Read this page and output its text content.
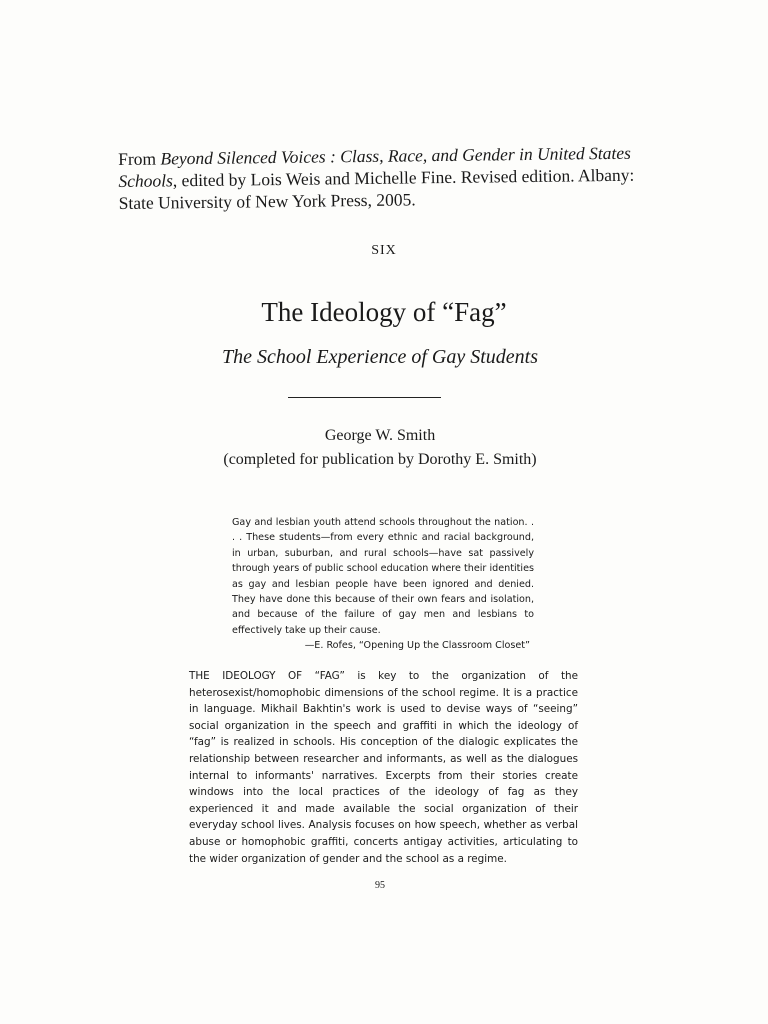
From Beyond Silenced Voices : Class, Race, and Gender in United States Schools, edited by Lois Weis and Michelle Fine. Revised edition. Albany: State University of New York Press, 2005.
SIX
The Ideology of “Fag”
The School Experience of Gay Students
George W. Smith
(completed for publication by Dorothy E. Smith)

Gay and lesbian youth attend schools throughout the nation. . . . These students—from every ethnic and racial background, in urban, suburban, and rural schools—have sat passively through years of public school education where their identities as gay and lesbian people have been ignored and denied. They have done this because of their own fears and isolation, and because of the failure of gay men and lesbians to effectively take up their cause.

—E. Rofes, “Opening Up the Classroom Closet”

THE IDEOLOGY OF “FAG” is key to the organization of the heterosexist/homophobic dimensions of the school regime. It is a practice in language. Mikhail Bakhtin's work is used to devise ways of “seeing” social organization in the speech and graffiti in which the ideology of “fag” is realized in schools. His conception of the dialogic explicates the relationship between researcher and informants, as well as the dialogues internal to informants' narratives. Excerpts from their stories create windows into the local practices of the ideology of fag as they experienced it and made available the social organization of their everyday school lives. Analysis focuses on how speech, whether as verbal abuse or homophobic graffiti, concerts antigay activities, articulating to the wider organization of gender and the school as a regime.

95
